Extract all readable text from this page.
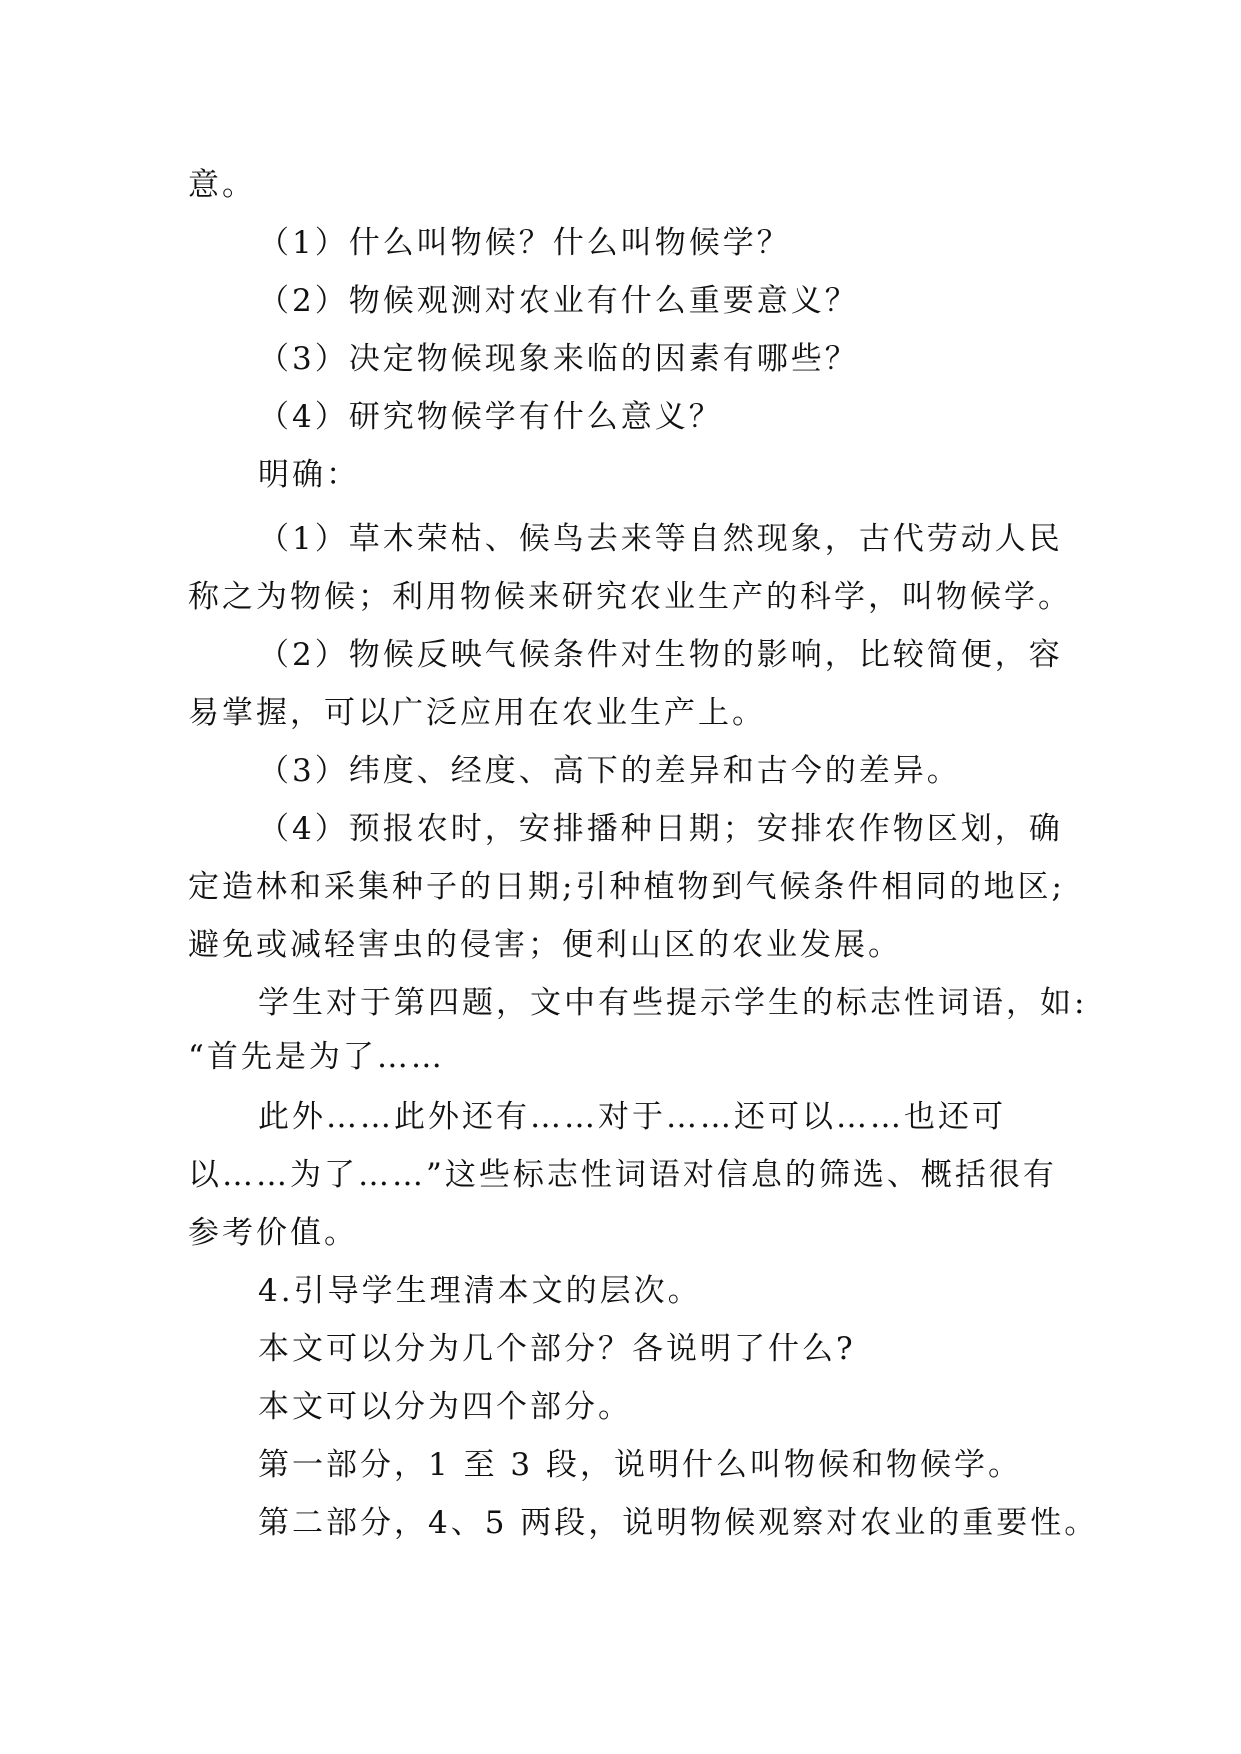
意。
（1）什么叫物候？什么叫物候学？
（2）物候观测对农业有什么重要意义？
（3）决定物候现象来临的因素有哪些？
（4）研究物候学有什么意义？
明确：
（1）草木荣枯、候鸟去来等自然现象，古代劳动人民
称之为物候；利用物候来研究农业生产的科学，叫物候学。
（2）物候反映气候条件对生物的影响，比较简便，容
易掌握，可以广泛应用在农业生产上。
（3）纬度、经度、高下的差异和古今的差异。
（4）预报农时，安排播种日期；安排农作物区划，确
定造林和采集种子的日期;引种植物到气候条件相同的地区;
避免或减轻害虫的侵害；便利山区的农业发展。
学生对于第四题，文中有些提示学生的标志性词语，如:
“首先是为了……
此外……此外还有……对于……还可以……也还可
以……为了……”这些标志性词语对信息的筛选、概括很有
参考价值。
4.引导学生理清本文的层次。
本文可以分为几个部分？各说明了什么?
本文可以分为四个部分。
第一部分，1 至 3 段，说明什么叫物候和物候学。
第二部分，4、5 两段，说明物候观察对农业的重要性。
